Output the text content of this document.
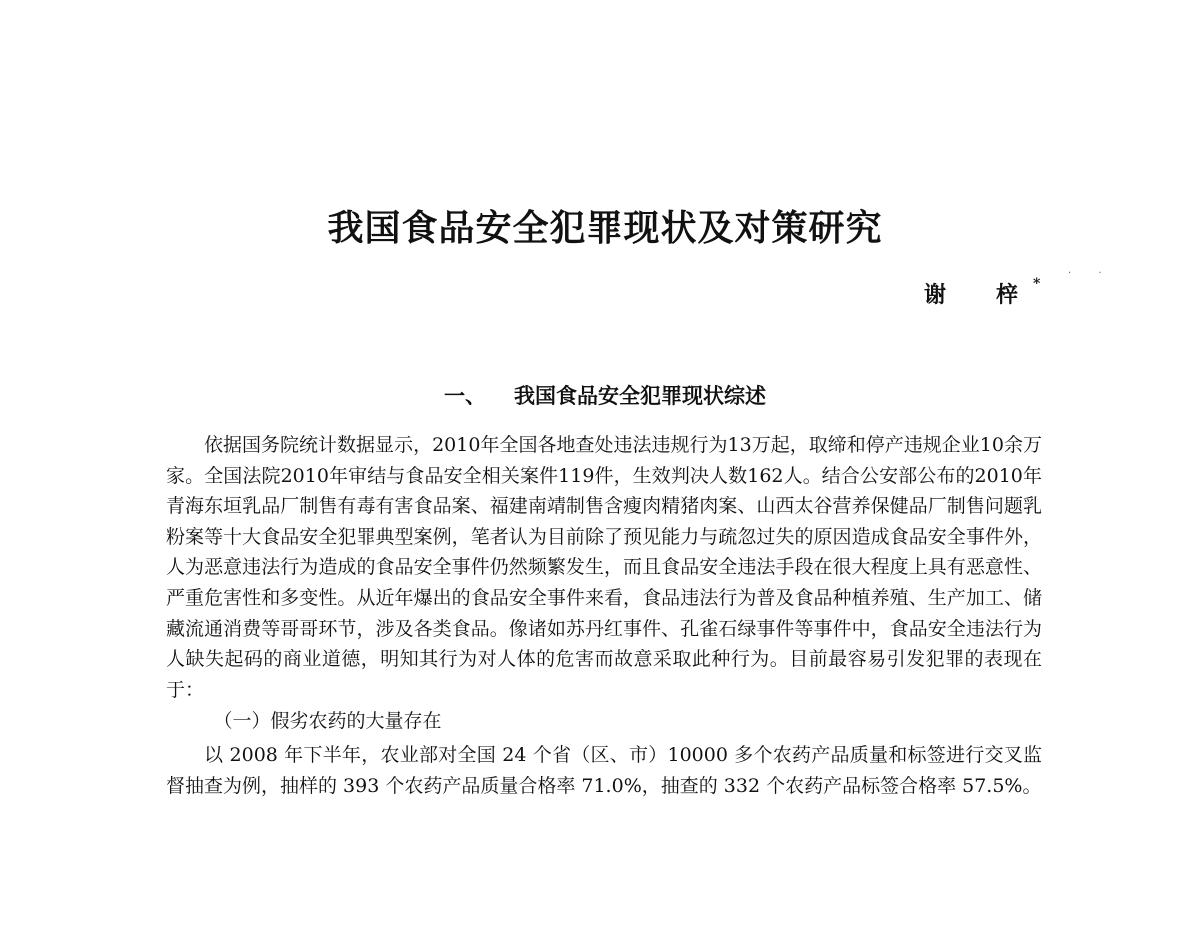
我国食品安全犯罪现状及对策研究
谢　梓 *
· ·
一、 我国食品安全犯罪现状综述

依据国务院统计数据显示，2010年全国各地查处违法违规行为13万起，取缔和停产违规企业10余万家。全国法院2010年审结与食品安全相关案件119件，生效判决人数162人。结合公安部公布的2010年青海东垣乳品厂制售有毒有害食品案、福建南靖制售含瘦肉精猪肉案、山西太谷营养保健品厂制售问题乳粉案等十大食品安全犯罪典型案例，笔者认为目前除了预见能力与疏忽过失的原因造成食品安全事件外，人为恶意违法行为造成的食品安全事件仍然频繁发生，而且食品安全违法手段在很大程度上具有恶意性、严重危害性和多变性。从近年爆出的食品安全事件来看，食品违法行为普及食品种植养殖、生产加工、储藏流通消费等哥哥环节，涉及各类食品。像诸如苏丹红事件、孔雀石绿事件等事件中，食品安全违法行为人缺失起码的商业道德，明知其行为对人体的危害而故意采取此种行为。目前最容易引发犯罪的表现在于：

（一）假劣农药的大量存在

以 2008 年下半年，农业部对全国 24 个省（区、市）10000 多个农药产品质量和标签进行交叉监督抽查为例，抽样的 393 个农药产品质量合格率 71.0%，抽查的 332 个农药产品标签合格率 57.5%。
